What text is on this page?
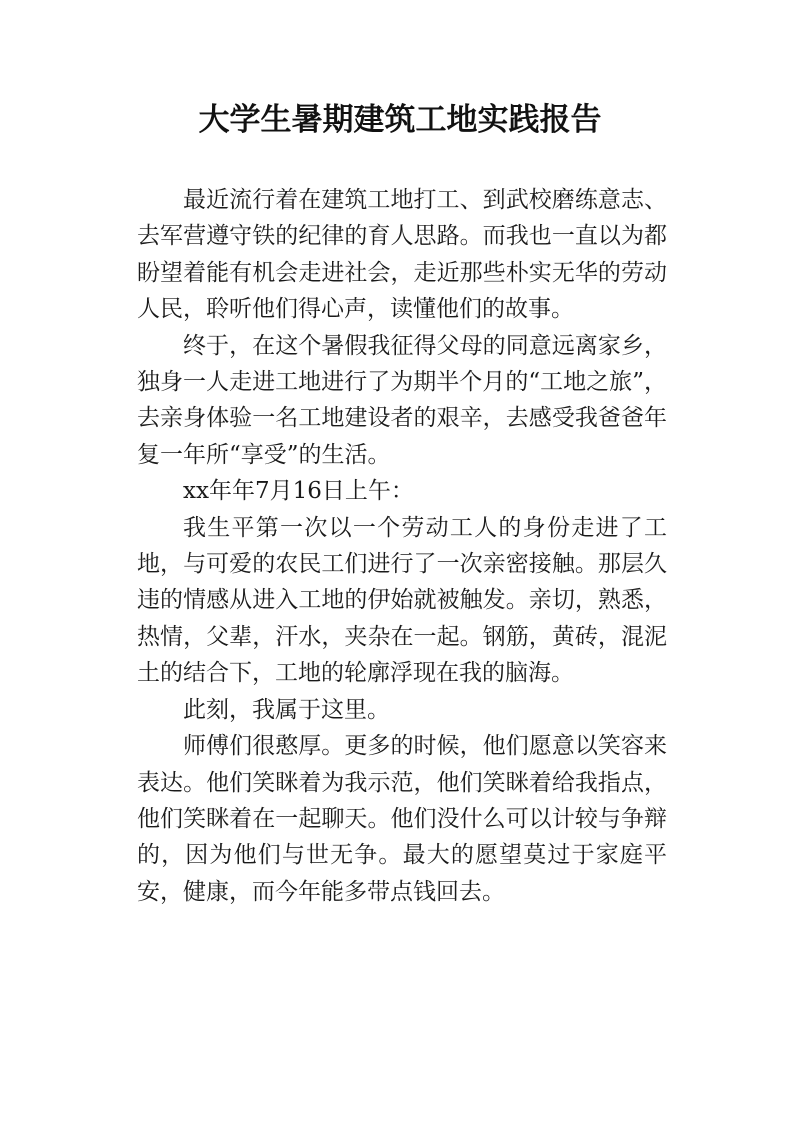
大学生暑期建筑工地实践报告

最近流行着在建筑工地打工、到武校磨练意志、去军营遵守铁的纪律的育人思路。而我也一直以为都盼望着能有机会走进社会，走近那些朴实无华的劳动人民，聆听他们得心声，读懂他们的故事。

终于，在这个暑假我征得父母的同意远离家乡，独身一人走进工地进行了为期半个月的“工地之旅”，去亲身体验一名工地建设者的艰辛，去感受我爸爸年复一年所“享受”的生活。

xx年年7月16日上午：

我生平第一次以一个劳动工人的身份走进了工地，与可爱的农民工们进行了一次亲密接触。那层久违的情感从进入工地的伊始就被触发。亲切，熟悉，热情，父辈，汗水，夹杂在一起。钢筋，黄砖，混泥土的结合下，工地的轮廓浮现在我的脑海。

此刻，我属于这里。

师傅们很憨厚。更多的时候，他们愿意以笑容来表达。他们笑眯着为我示范，他们笑眯着给我指点，他们笑眯着在一起聊天。他们没什么可以计较与争辩的，因为他们与世无争。最大的愿望莫过于家庭平安，健康，而今年能多带点钱回去。
